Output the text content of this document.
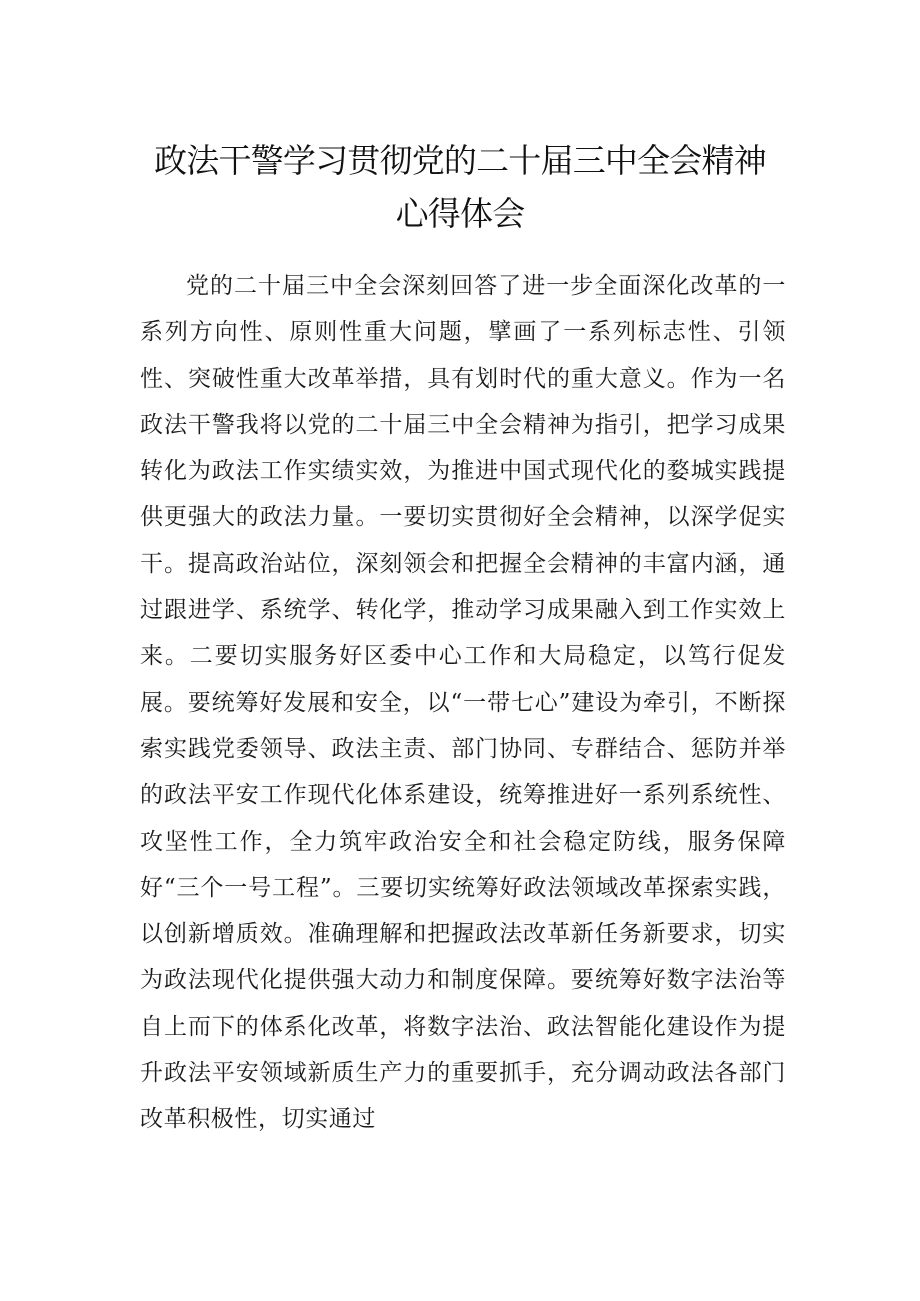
政法干警学习贯彻党的二十届三中全会精神心得体会

党的二十届三中全会深刻回答了进一步全面深化改革的一系列方向性、原则性重大问题，擘画了一系列标志性、引领性、突破性重大改革举措，具有划时代的重大意义。作为一名政法干警我将以党的二十届三中全会精神为指引，把学习成果转化为政法工作实绩实效，为推进中国式现代化的婺城实践提供更强大的政法力量。一要切实贯彻好全会精神，以深学促实干。提高政治站位，深刻领会和把握全会精神的丰富内涵，通过跟进学、系统学、转化学，推动学习成果融入到工作实效上来。二要切实服务好区委中心工作和大局稳定，以笃行促发展。要统筹好发展和安全，以“一带七心”建设为牵引，不断探索实践党委领导、政法主责、部门协同、专群结合、惩防并举的政法平安工作现代化体系建设，统筹推进好一系列系统性、攻坚性工作，全力筑牢政治安全和社会稳定防线，服务保障好“三个一号工程”。三要切实统筹好政法领域改革探索实践，以创新增质效。准确理解和把握政法改革新任务新要求，切实为政法现代化提供强大动力和制度保障。要统筹好数字法治等自上而下的体系化改革，将数字法治、政法智能化建设作为提升政法平安领域新质生产力的重要抓手，充分调动政法各部门改革积极性，切实通过
